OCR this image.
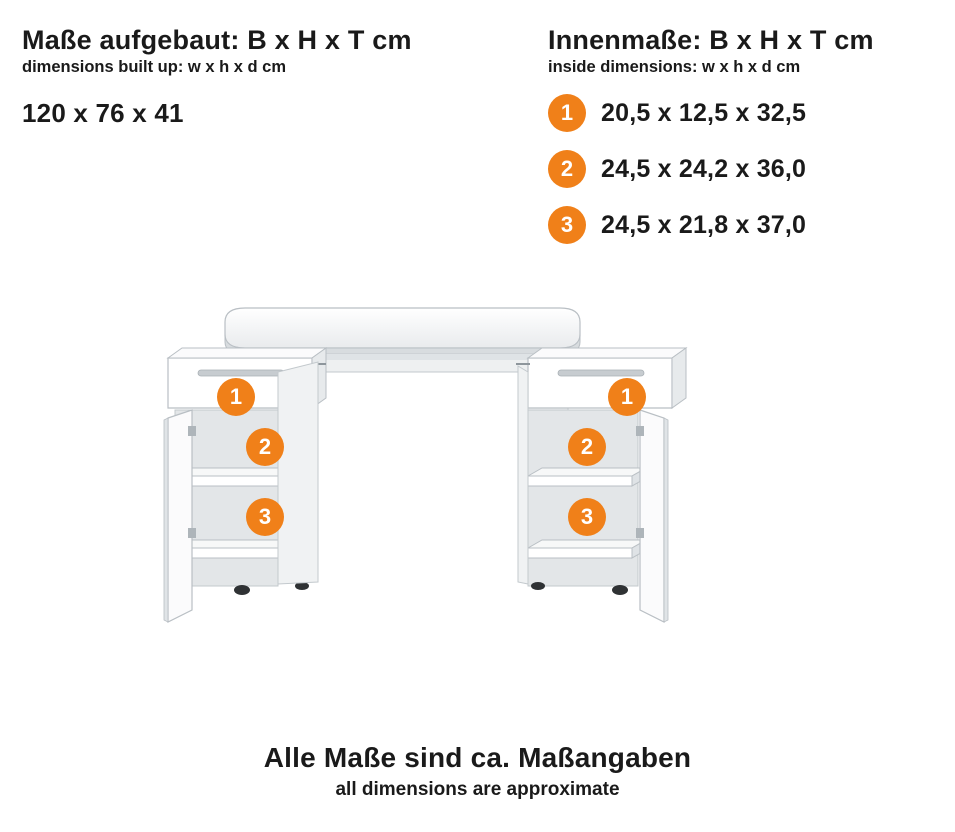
Maße aufgebaut: B x H x T cm
dimensions built up: w x h x d cm
120 x 76 x 41
Innenmaße: B x H x T cm
inside dimensions: w x h x d cm
1	20,5 x 12,5 x 32,5
2	24,5 x 24,2 x 36,0
3	24,5 x 21,8 x 37,0
1
2
3
1
2
3
Alle Maße sind ca. Maßangaben
all dimensions are approximate
